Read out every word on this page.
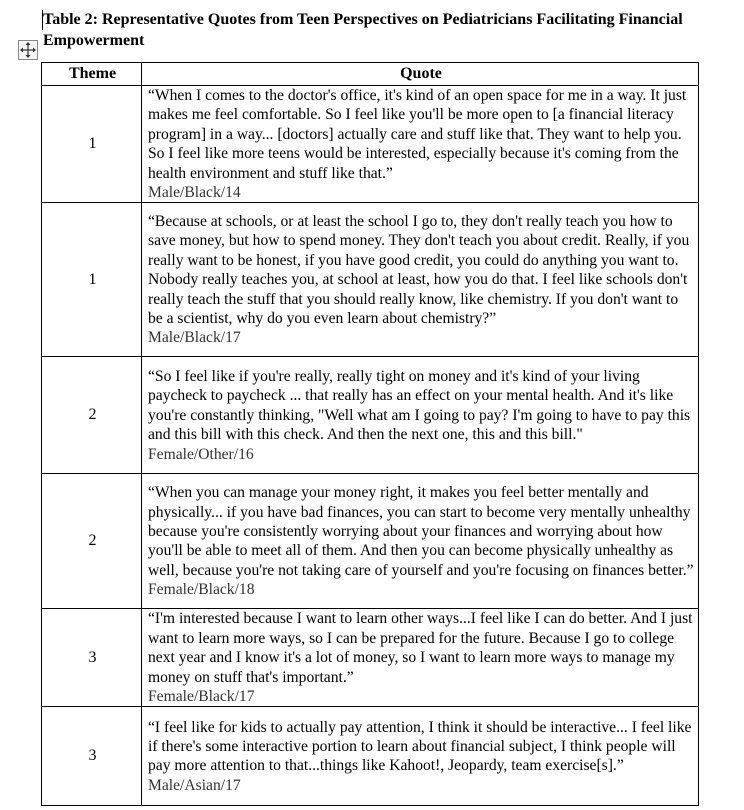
Table 2: Representative Quotes from Teen Perspectives on Pediatricians Facilitating Financial Empowerment
Theme	Quote
1	“When I comes to the doctor's office, it's kind of an open space for me in a way. It just makes me feel comfortable. So I feel like you'll be more open to [a financial literacy program] in a way... [doctors] actually care and stuff like that. They want to help you. So I feel like more teens would be interested, especially because it's coming from the health environment and stuff like that.”
Male/Black/14

1	“Because at schools, or at least the school I go to, they don't really teach you how to save money, but how to spend money. They don't teach you about credit. Really, if you really want to be honest, if you have good credit, you could do anything you want to. Nobody really teaches you, at school at least, how you do that. I feel like schools don't really teach the stuff that you should really know, like chemistry. If you don't want to be a scientist, why do you even learn about chemistry?”
Male/Black/17

2	“So I feel like if you're really, really tight on money and it's kind of your living paycheck to paycheck ... that really has an effect on your mental health. And it's like you're constantly thinking, "Well what am I going to pay? I'm going to have to pay this and this bill with this check. And then the next one, this and this bill."
Female/Other/16

2	“When you can manage your money right, it makes you feel better mentally and physically... if you have bad finances, you can start to become very mentally unhealthy because you're consistently worrying about your finances and worrying about how you'll be able to meet all of them. And then you can become physically unhealthy as well, because you're not taking care of yourself and you're focusing on finances better.”
Female/Black/18

3	“I'm interested because I want to learn other ways...I feel like I can do better. And I just want to learn more ways, so I can be prepared for the future. Because I go to college next year and I know it's a lot of money, so I want to learn more ways to manage my money on stuff that's important.”
Female/Black/17

3	“I feel like for kids to actually pay attention, I think it should be interactive... I feel like if there's some interactive portion to learn about financial subject, I think people will pay more attention to that...things like Kahoot!, Jeopardy, team exercise[s].”
Male/Asian/17
